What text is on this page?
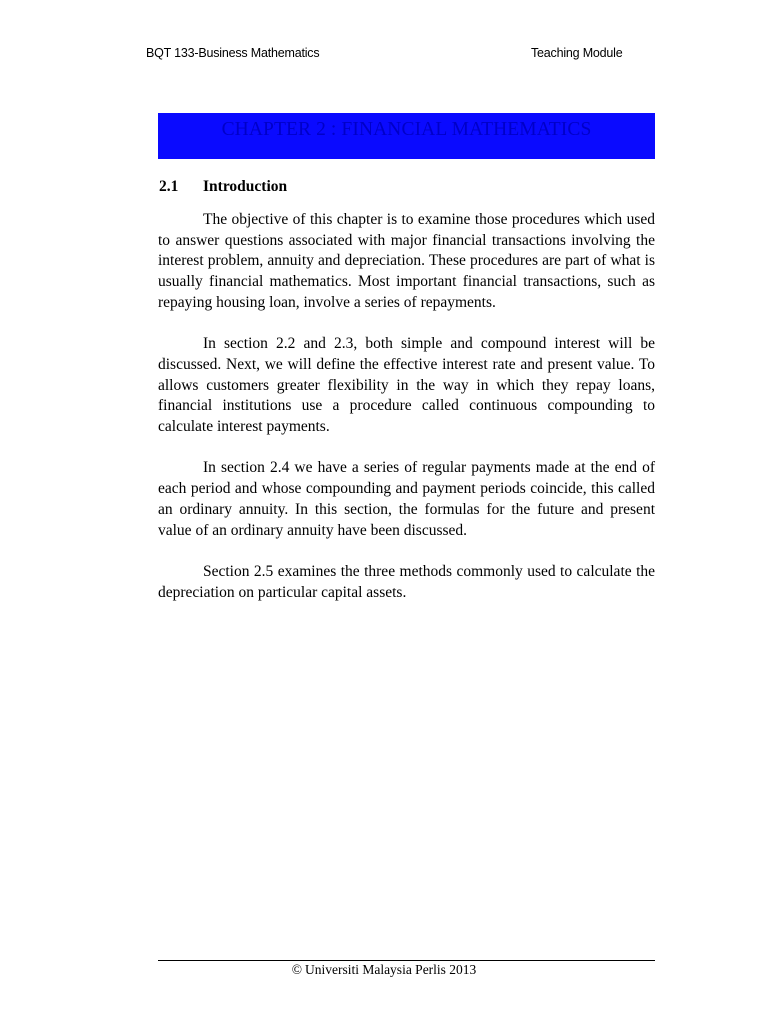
BQT 133-Business Mathematics	Teaching Module
CHAPTER 2 : FINANCIAL MATHEMATICS
2.1 Introduction

The objective of this chapter is to examine those procedures which used to answer questions associated with major financial transactions involving the interest problem, annuity and depreciation. These procedures are part of what is usually financial mathematics. Most important financial transactions, such as repaying housing loan, involve a series of repayments.

In section 2.2 and 2.3, both simple and compound interest will be discussed. Next, we will define the effective interest rate and present value. To allows customers greater flexibility in the way in which they repay loans, financial institutions use a procedure called continuous compounding to calculate interest payments.

In section 2.4 we have a series of regular payments made at the end of each period and whose compounding and payment periods coincide, this called an ordinary annuity. In this section, the formulas for the future and present value of an ordinary annuity have been discussed.

Section 2.5 examines the three methods commonly used to calculate the depreciation on particular capital assets.

© Universiti Malaysia Perlis 2013
